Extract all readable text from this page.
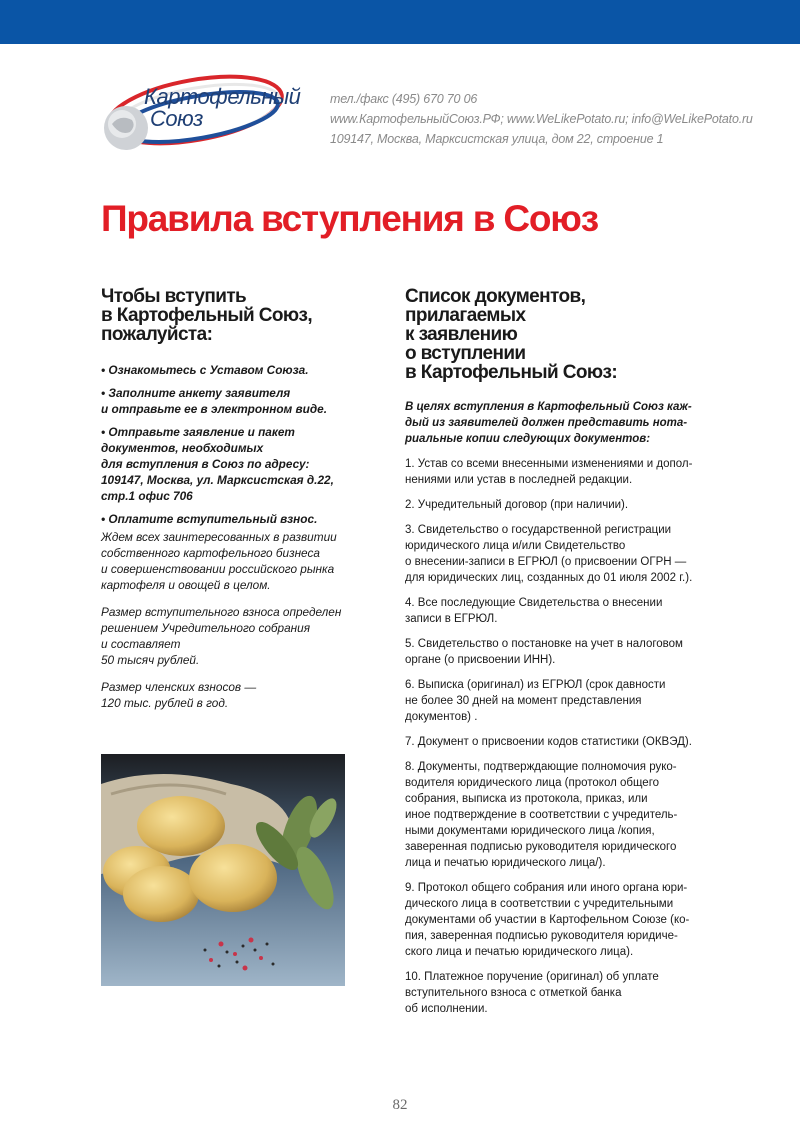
Картофельный
Союз
тел./факс (495) 670 70 06
www.КартофельныйСоюз.РФ; www.WeLikePotato.ru; info@WeLikePotato.ru
109147, Москва, Марксистская улица, дом 22, строение 1
Правила вступления в Союз
Чтобы вступить
в Картофельный Союз,
пожалуйста:
• Ознакомьтесь с Уставом Союза.
• Заполните анкету заявителя
и отправьте ее в электронном виде.
• Отправьте заявление и пакет
документов, необходимых
для вступления в Союз по адресу:
109147, Москва, ул. Марксистская д.22,
стр.1 офис 706
• Оплатите вступительный взнос.
Ждем всех заинтересованных в развитии
собственного картофельного бизнеса
и совершенствовании российского рынка
картофеля и овощей в целом.
Размер вступительного взноса определен
решением Учредительного собрания
и составляет
50 тысяч рублей.
Размер членских взносов —
120 тыс. рублей в год.
Список документов,
прилагаемых
к заявлению
о вступлении
в Картофельный Союз:
В целях вступления в Картофельный Союз каж-
дый из заявителей должен представить нота-
риальные копии следующих документов:
1. Устав со всеми внесенными изменениями и допол-
нениями или устав в последней редакции.
2. Учредительный договор (при наличии).
3. Свидетельство о государственной регистрации
юридического лица и/или Свидетельство
о внесении-записи в ЕГРЮЛ (о присвоении ОГРН —
для юридических лиц, созданных до 01 июля 2002 г.).
4. Все последующие Свидетельства о внесении
записи в ЕГРЮЛ.
5. Свидетельство о постановке на учет в налоговом
органе (о присвоении ИНН).
6. Выписка (оригинал) из ЕГРЮЛ (срок давности
не более 30 дней на момент представления
документов) .
7. Документ о присвоении кодов статистики (ОКВЭД).
8. Документы, подтверждающие полномочия руко-
водителя юридического лица (протокол общего
собрания, выписка из протокола, приказ, или
иное подтверждение в соответствии с учредитель-
ными документами юридического лица /копия,
заверенная подписью руководителя юридического
лица и печатью юридического лица/).
9. Протокол общего собрания или иного органа юри-
дического лица в соответствии с учредительными
документами об участии в Картофельном Союзе (ко-
пия, заверенная подписью руководителя юридиче-
ского лица и печатью юридического лица).
10. Платежное поручение (оригинал) об уплате
вступительного взноса с отметкой банка
об исполнении.
82
